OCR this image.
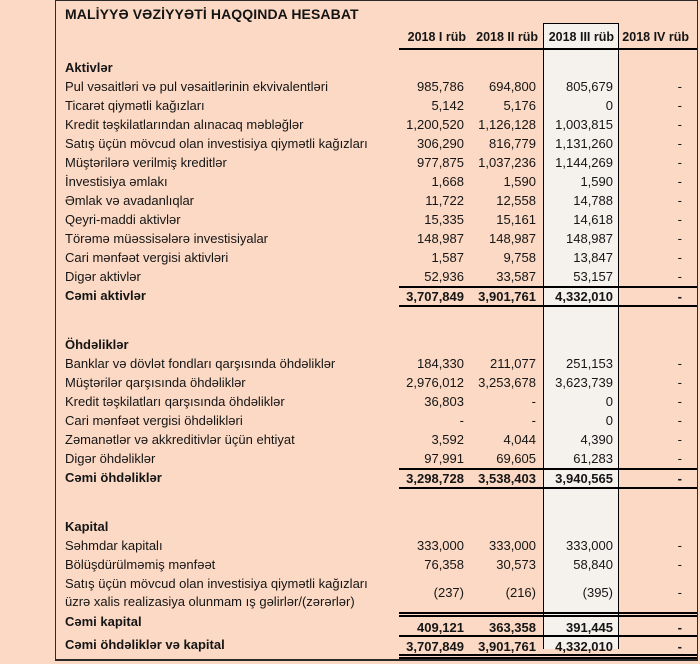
MALİYYƏ VƏZİYYƏTİ HAQQINDA HESABAT
2018 I rüb 2018 II rüb 2018 III rüb 2018 IV rüb
Aktivlər
Pul vəsaitləri və pul vəsaitlərinin ekvivalentləri	985,786	694,800	805,679	-
Ticarət qiymətli kağızları	5,142	5,176	0	-
Kredit təşkilatlarından alınacaq məbləğlər	1,200,520	1,126,128	1,003,815	-
Satış üçün mövcud olan investisiya qiymətli kağızları	306,290	816,779	1,131,260	-
Müştərilərə verilmiş kreditlər	977,875	1,037,236	1,144,269	-
İnvestisiya əmlakı	1,668	1,590	1,590	-
Əmlak və avadanlıqlar	11,722	12,558	14,788	-
Qeyri-maddi aktivlər	15,335	15,161	14,618	-
Törəmə müəssisələrə investisiyalar	148,987	148,987	148,987	-
Cari mənfəət vergisi aktivləri	1,587	9,758	13,847	-
Digər aktivlər	52,936	33,587	53,157	-
Cəmi aktivlər	3,707,849	3,901,761	4,332,010	-
Öhdəliklər
Banklar və dövlət fondları qarşısında öhdəliklər	184,330	211,077	251,153	-
Müştərilər qarşısında öhdəliklər	2,976,012	3,253,678	3,623,739	-
Kredit təşkilatları qarşısında öhdəliklər	36,803	-	0	-
Cari mənfəət vergisi öhdəlikləri	-	-	0	-
Zəmanətlər və akkreditivlər üçün ehtiyat	3,592	4,044	4,390	-
Digər öhdəliklər	97,991	69,605	61,283	-
Cəmi öhdəliklər	3,298,728	3,538,403	3,940,565	-
Kapital
Səhmdar kapitalı	333,000	333,000	333,000	-
Bölüşdürülməmiş mənfəət	76,358	30,573	58,840	-
Satış üçün mövcud olan investisiya qiymətli kağızları
üzrə xalis realizasiya olunmam ış gəlirlər/(zərərlər)
(237)	(216)	(395)	-
Cəmi kapital	409,121	363,358	391,445	-
Cəmi öhdəliklər və kapital	3,707,849	3,901,761	4,332,010	-
